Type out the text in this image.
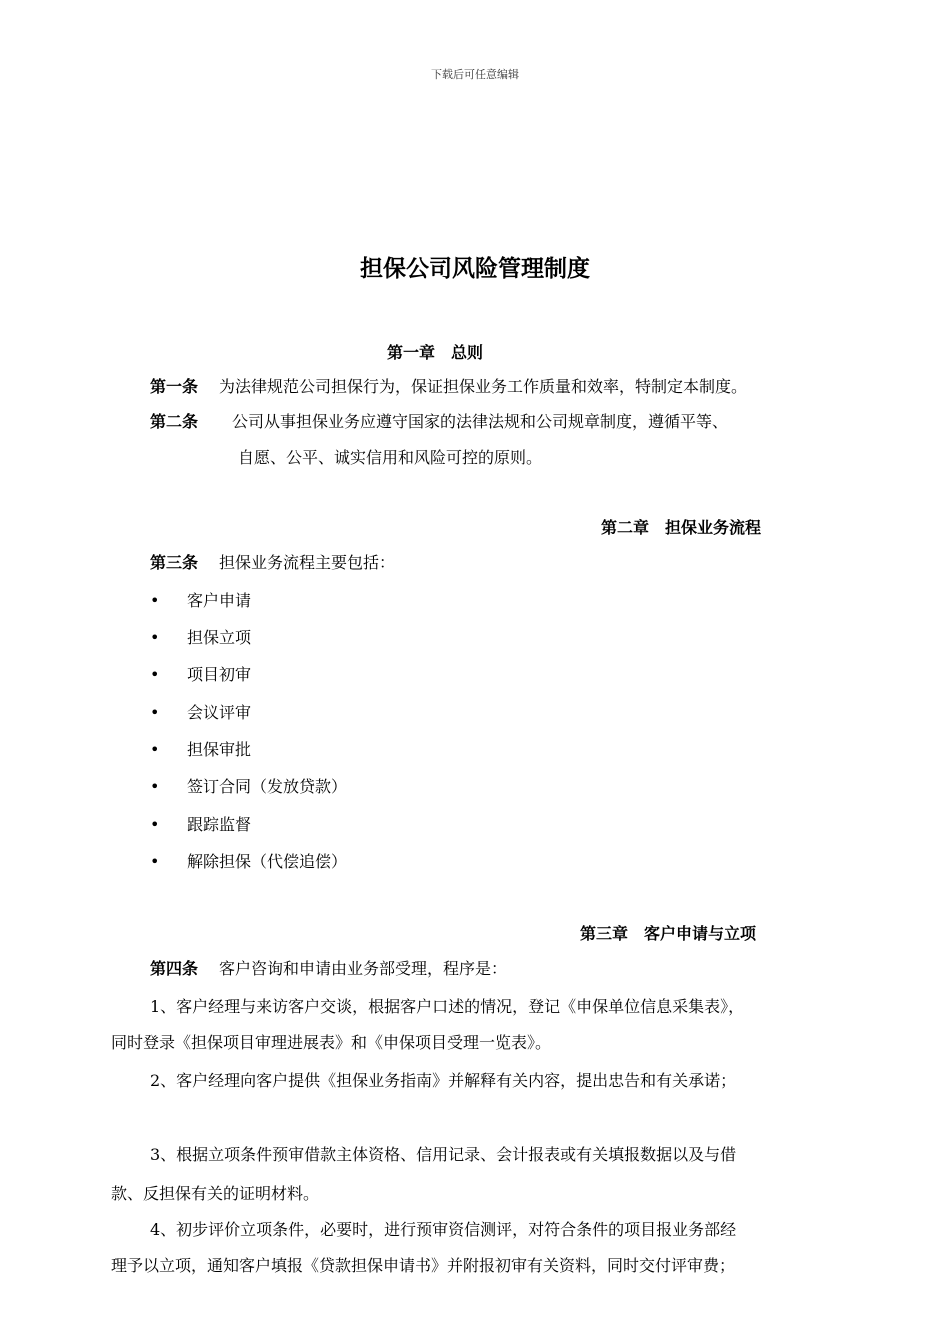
下载后可任意编辑
担保公司风险管理制度
第一章　总则
第一条 为法律规范公司担保行为，保证担保业务工作质量和效率，特制定本制度。
第二条 公司从事担保业务应遵守国家的法律法规和公司规章制度，遵循平等、
自愿、公平、诚实信用和风险可控的原则。
第二章　担保业务流程
第三条 担保业务流程主要包括：
• 客户申请
• 担保立项
• 项目初审
• 会议评审
• 担保审批
• 签订合同（发放贷款）
• 跟踪监督
• 解除担保（代偿追偿）
第三章　客户申请与立项
第四条 客户咨询和申请由业务部受理，程序是：
1、客户经理与来访客户交谈，根据客户口述的情况，登记《申保单位信息采集表》，
同时登录《担保项目审理进展表》和《申保项目受理一览表》。
2、客户经理向客户提供《担保业务指南》并解释有关内容，提出忠告和有关承诺；
3、根据立项条件预审借款主体资格、信用记录、会计报表或有关填报数据以及与借
款、反担保有关的证明材料。
4、初步评价立项条件，必要时，进行预审资信测评，对符合条件的项目报业务部经
理予以立项，通知客户填报《贷款担保申请书》并附报初审有关资料，同时交付评审费；
